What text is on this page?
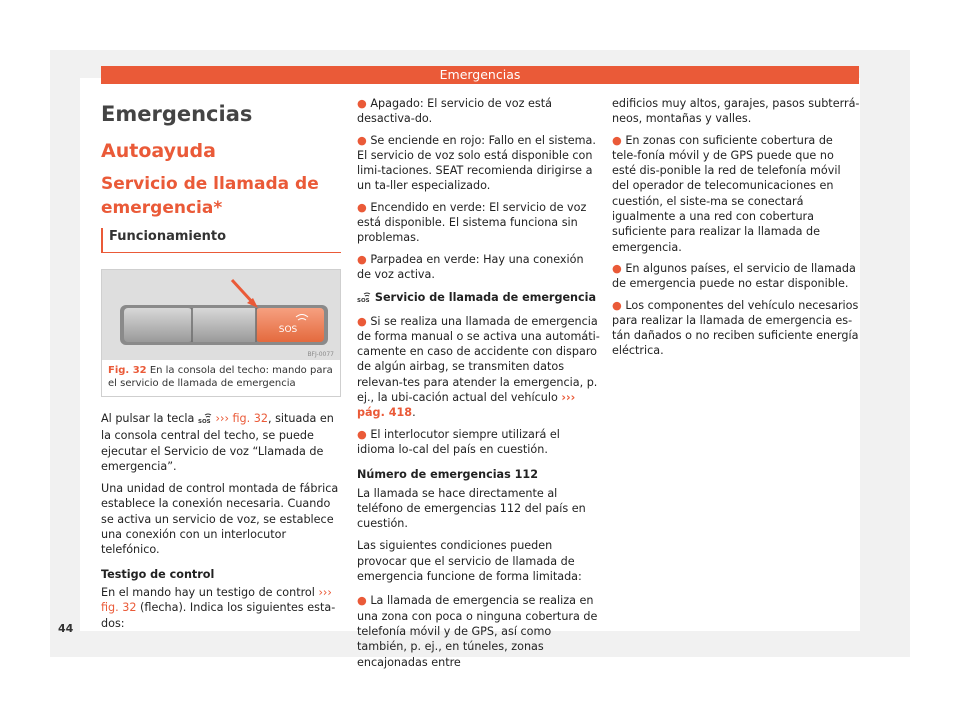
Emergencias
Emergencias
Autoayuda
Servicio de llamada de emergencia*
Funcionamiento
SOS
BFJ-0077
Fig. 32 En la consola del techo: mando para el servicio de llamada de emergencia

Al pulsar la tecla SOS ››› fig. 32, situada en la consola central del techo, se puede ejecutar el Servicio de voz “Llamada de emergencia”.

Una unidad de control montada de fábrica establece la conexión necesaria. Cuando se activa un servicio de voz, se establece una conexión con un interlocutor telefónico.

Testigo de control

En el mando hay un testigo de control ››› fig. 32 (flecha). Indica los siguientes esta-dos:

● Apagado: El servicio de voz está desactiva-do.
● Se enciende en rojo: Fallo en el sistema. El servicio de voz solo está disponible con limi-taciones. SEAT recomienda dirigirse a un ta-ller especializado.
● Encendido en verde: El servicio de voz está disponible. El sistema funciona sin problemas.
● Parpadea en verde: Hay una conexión de voz activa.
SOS Servicio de llamada de emergencia
● Si se realiza una llamada de emergencia de forma manual o se activa una automáti-camente en caso de accidente con disparo de algún airbag, se transmiten datos relevan-tes para atender la emergencia, p. ej., la ubi-cación actual del vehículo ››› pág. 418.
● El interlocutor siempre utilizará el idioma lo-cal del país en cuestión.
Número de emergencias 112

La llamada se hace directamente al teléfono de emergencias 112 del país en cuestión.

Las siguientes condiciones pueden provocar que el servicio de llamada de emergencia funcione de forma limitada:

● La llamada de emergencia se realiza en una zona con poca o ninguna cobertura de telefonía móvil y de GPS, así como también, p. ej., en túneles, zonas encajonadas entre

edificios muy altos, garajes, pasos subterrá-neos, montañas y valles.

● En zonas con suficiente cobertura de tele-fonía móvil y de GPS puede que no esté dis-ponible la red de telefonía móvil del operador de telecomunicaciones en cuestión, el siste-ma se conectará igualmente a una red con cobertura suficiente para realizar la llamada de emergencia.
● En algunos países, el servicio de llamada de emergencia puede no estar disponible.
● Los componentes del vehículo necesarios para realizar la llamada de emergencia es-tán dañados o no reciben suficiente energía eléctrica.
44
